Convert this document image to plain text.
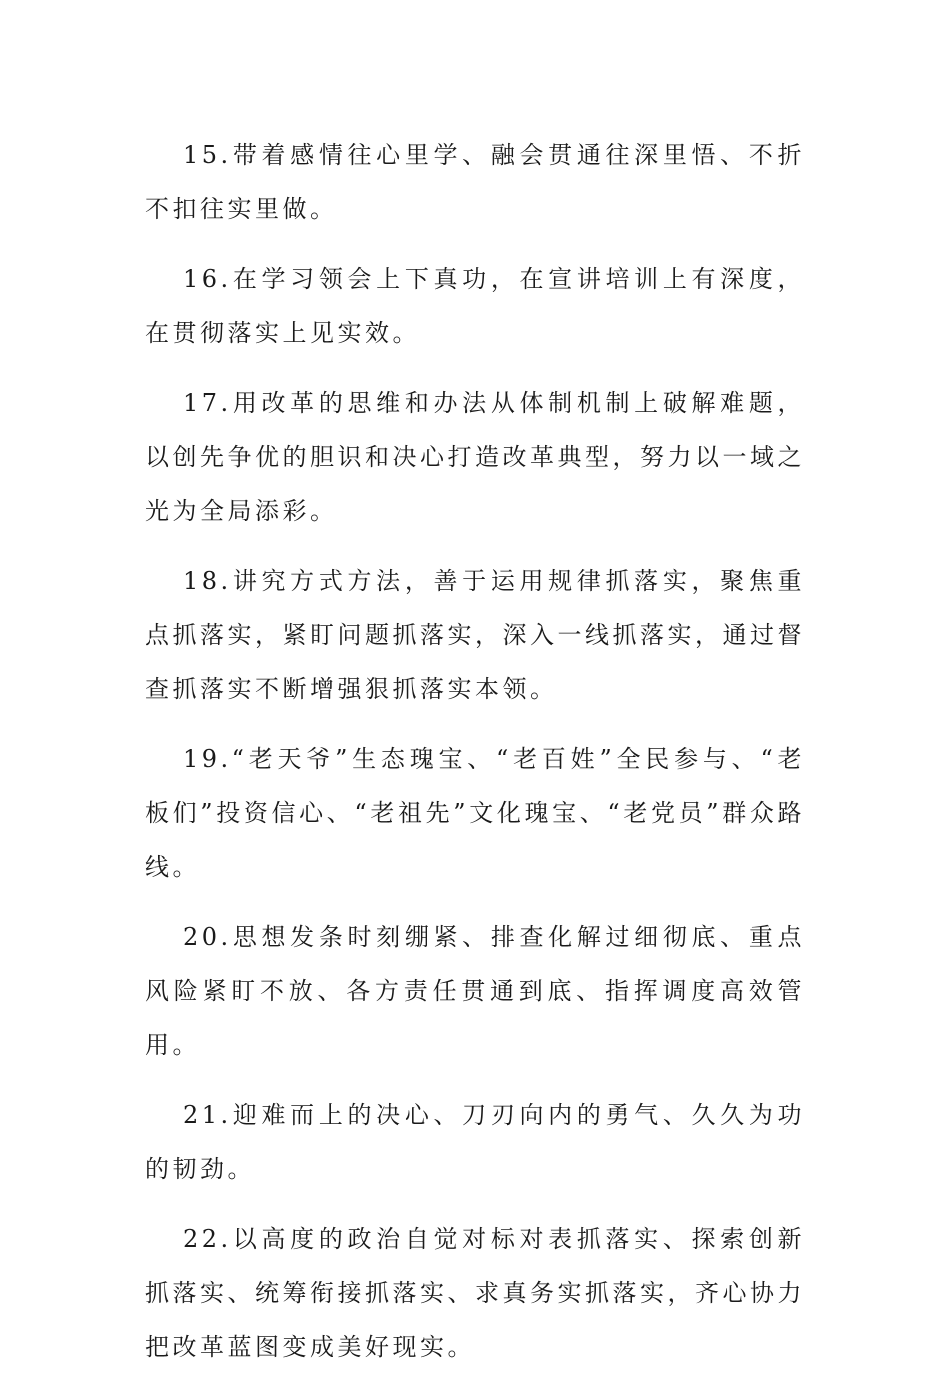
15.带着感情往心里学、融会贯通往深里悟、不折不扣往实里做。

16.在学习领会上下真功，在宣讲培训上有深度，在贯彻落实上见实效。

17.用改革的思维和办法从体制机制上破解难题，以创先争优的胆识和决心打造改革典型，努力以一域之光为全局添彩。

18.讲究方式方法，善于运用规律抓落实，聚焦重点抓落实，紧盯问题抓落实，深入一线抓落实，通过督查抓落实不断增强狠抓落实本领。

19.“老天爷”生态瑰宝、“老百姓”全民参与、“老板们”投资信心、“老祖先”文化瑰宝、“老党员”群众路线。

20.思想发条时刻绷紧、排查化解过细彻底、重点风险紧盯不放、各方责任贯通到底、指挥调度高效管用。

21.迎难而上的决心、刀刃向内的勇气、久久为功的韧劲。

22.以高度的政治自觉对标对表抓落实、探索创新抓落实、统筹衔接抓落实、求真务实抓落实，齐心协力把改革蓝图变成美好现实。
